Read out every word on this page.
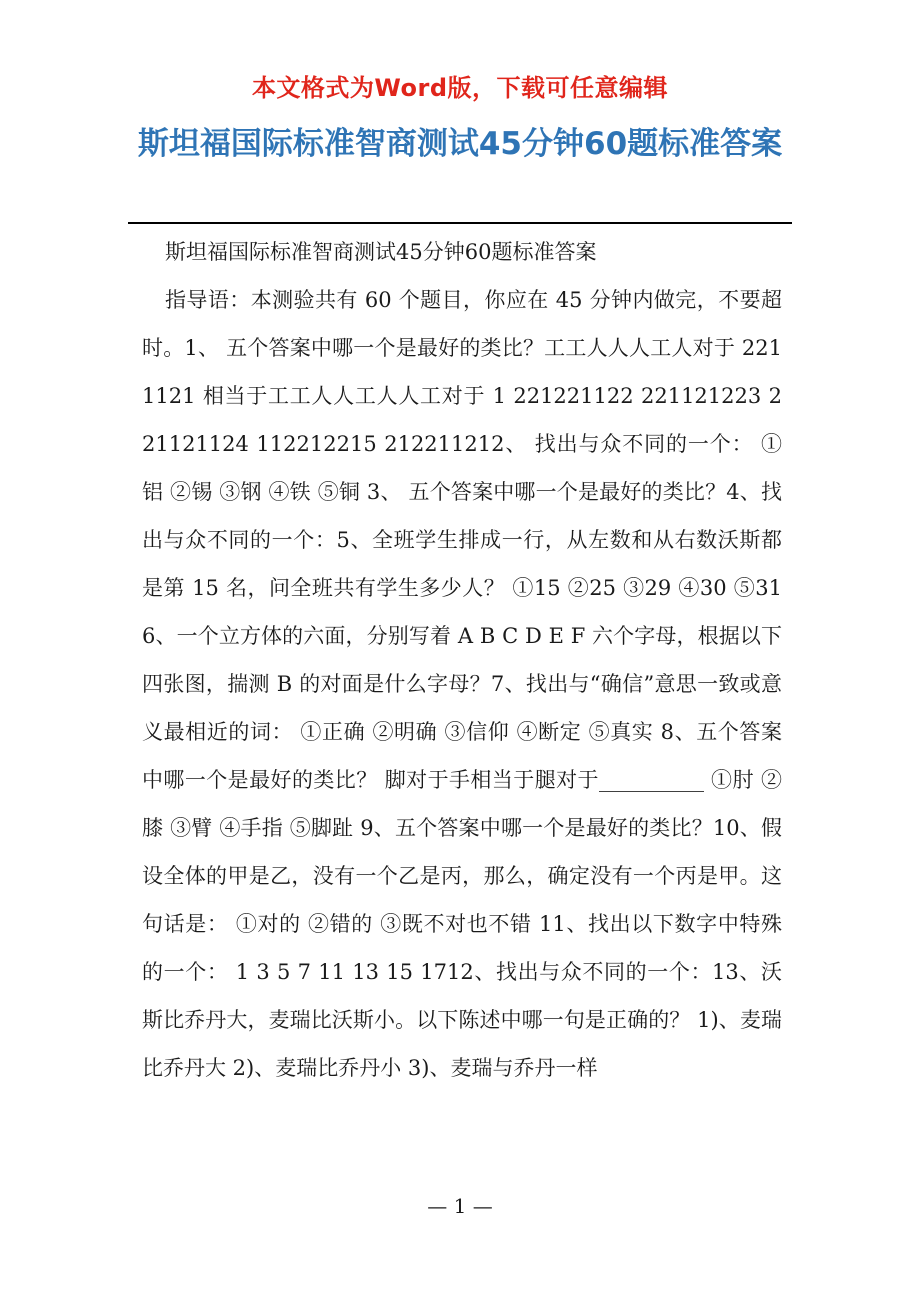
本文格式为Word版，下载可任意编辑
斯坦福国际标准智商测试45分钟60题标准答案

斯坦福国际标准智商测试45分钟60题标准答案

指导语：本测验共有 60 个题目，你应在 45 分钟内做完，不要超时。1、 五个答案中哪一个是最好的类比？工工人人人工人对于 2211121 相当于工工人人工人人工对于 1 221221122 221121223 221121124 112212215 212211212、 找出与众不同的一个： ①铝 ②锡 ③钢 ④铁 ⑤铜 3、 五个答案中哪一个是最好的类比？4、找出与众不同的一个：5、全班学生排成一行，从左数和从右数沃斯都是第 15 名，问全班共有学生多少人？ ①15 ②25 ③29 ④30 ⑤316、一个立方体的六面，分别写着 A B C D E F 六个字母，根据以下四张图，揣测 B 的对面是什么字母？7、找出与“确信”意思一致或意义最相近的词： ①正确 ②明确 ③信仰 ④断定 ⑤真实 8、五个答案中哪一个是最好的类比？ 脚对于手相当于腿对于__________ ①肘 ②膝 ③臂 ④手指 ⑤脚趾 9、五个答案中哪一个是最好的类比？10、假设全体的甲是乙，没有一个乙是丙，那么，确定没有一个丙是甲。这句话是： ①对的 ②错的 ③既不对也不错 11、找出以下数字中特殊的一个： 1 3 5 7 11 13 15 1712、找出与众不同的一个：13、沃斯比乔丹大，麦瑞比沃斯小。以下陈述中哪一句是正确的？ 1)、麦瑞比乔丹大 2)、麦瑞比乔丹小 3)、麦瑞与乔丹一样

— 1 —
